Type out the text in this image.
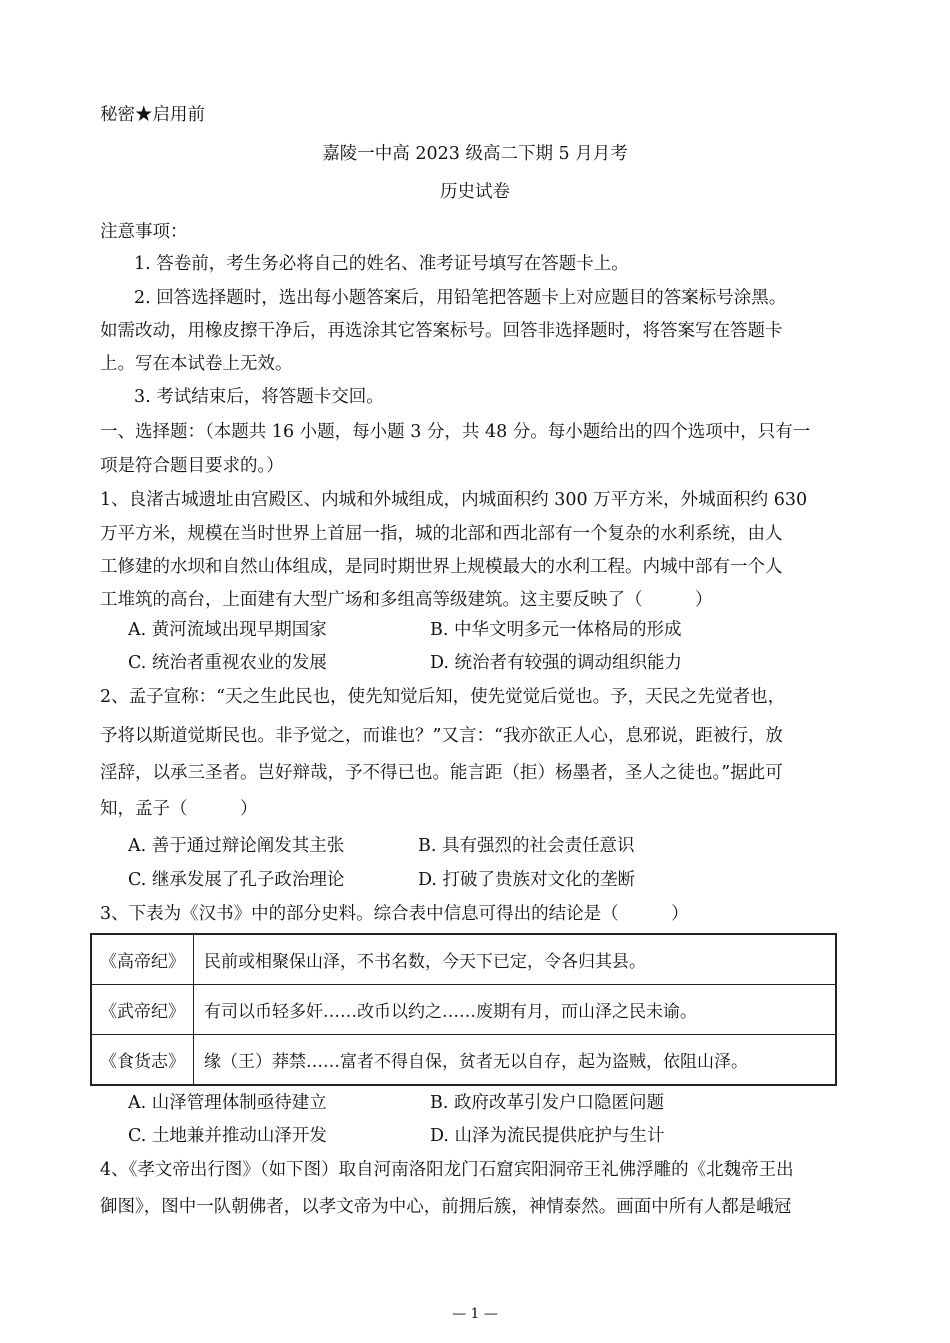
秘密★启用前
嘉陵一中高 2023 级高二下期 5 月月考
历史试卷
注意事项：
1. 答卷前，考生务必将自己的姓名、准考证号填写在答题卡上。
2. 回答选择题时，选出每小题答案后，用铅笔把答题卡上对应题目的答案标号涂黑。
如需改动，用橡皮擦干净后，再选涂其它答案标号。回答非选择题时，将答案写在答题卡
上。写在本试卷上无效。
3. 考试结束后，将答题卡交回。
一、选择题：（本题共 16 小题，每小题 3 分，共 48 分。每小题给出的四个选项中，只有一
项是符合题目要求的。）
1、良渚古城遗址由宫殿区、内城和外城组成，内城面积约 300 万平方米，外城面积约 630
万平方米，规模在当时世界上首屈一指，城的北部和西北部有一个复杂的水利系统，由人
工修建的水坝和自然山体组成，是同时期世界上规模最大的水利工程。内城中部有一个人
工堆筑的高台，上面建有大型广场和多组高等级建筑。这主要反映了（　　　）
A. 黄河流域出现早期国家	B. 中华文明多元一体格局的形成
C. 统治者重视农业的发展	D. 统治者有较强的调动组织能力
2、孟子宣称：“天之生此民也，使先知觉后知，使先觉觉后觉也。予，天民之先觉者也，
予将以斯道觉斯民也。非予觉之，而谁也？”又言：“我亦欲正人心，息邪说，距被行，放
淫辞，以承三圣者。岂好辩哉，予不得已也。能言距（拒）杨墨者，圣人之徒也。”据此可
知，孟子（　　　）
A. 善于通过辩论阐发其主张	B. 具有强烈的社会责任意识
C. 继承发展了孔子政治理论	D. 打破了贵族对文化的垄断
3、下表为《汉书》中的部分史料。综合表中信息可得出的结论是（　　　）
《高帝纪》	民前或相聚保山泽，不书名数，今天下已定，令各归其县。
《武帝纪》	有司以币轻多奸……改币以约之……废期有月，而山泽之民未谕。
《食货志》	缘（王）莽禁……富者不得自保，贫者无以自存，起为盗贼，依阻山泽。
A. 山泽管理体制亟待建立	B. 政府改革引发户口隐匿问题
C. 土地兼并推动山泽开发	D. 山泽为流民提供庇护与生计
4、《孝文帝出行图》（如下图）取自河南洛阳龙门石窟宾阳洞帝王礼佛浮雕的《北魏帝王出
御图》，图中一队朝佛者，以孝文帝为中心，前拥后簇，神情泰然。画面中所有人都是峨冠
— 1 —
